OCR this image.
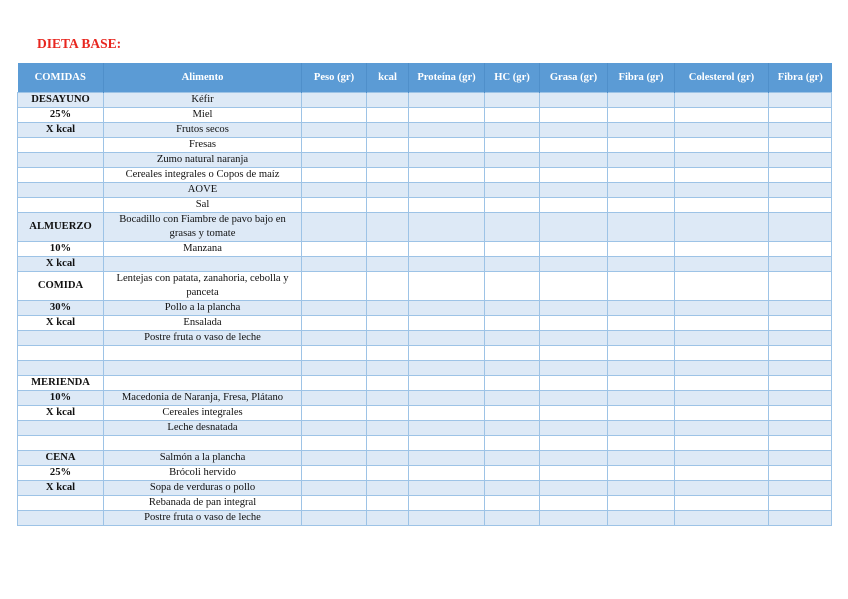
DIETA BASE:
COMIDAS	Alimento	Peso (gr)	kcal	Proteína (gr)	HC (gr)	Grasa (gr)	Fibra (gr)	Colesterol (gr)	Fibra (gr)
DESAYUNO	Kéfir								
25%	Miel								
X kcal	Frutos secos								
	Fresas								
	Zumo natural naranja								
	Cereales integrales o Copos de maíz								
	AOVE								
	Sal								
ALMUERZO	Bocadillo con Fiambre de pavo bajo en grasas y tomate								
10%	Manzana								
X kcal									
COMIDA	Lentejas con patata, zanahoria, cebolla y panceta								
30%	Pollo a la plancha								
X kcal	Ensalada								
	Postre fruta o vaso de leche								

MERIENDA									
10%	Macedonia de Naranja, Fresa, Plátano								
X kcal	Cereales integrales								
	Leche desnatada								

CENA	Salmón a la plancha								
25%	Brócoli hervido								
X kcal	Sopa de verduras o pollo								
	Rebanada de pan integral								
	Postre fruta o vaso de leche								
